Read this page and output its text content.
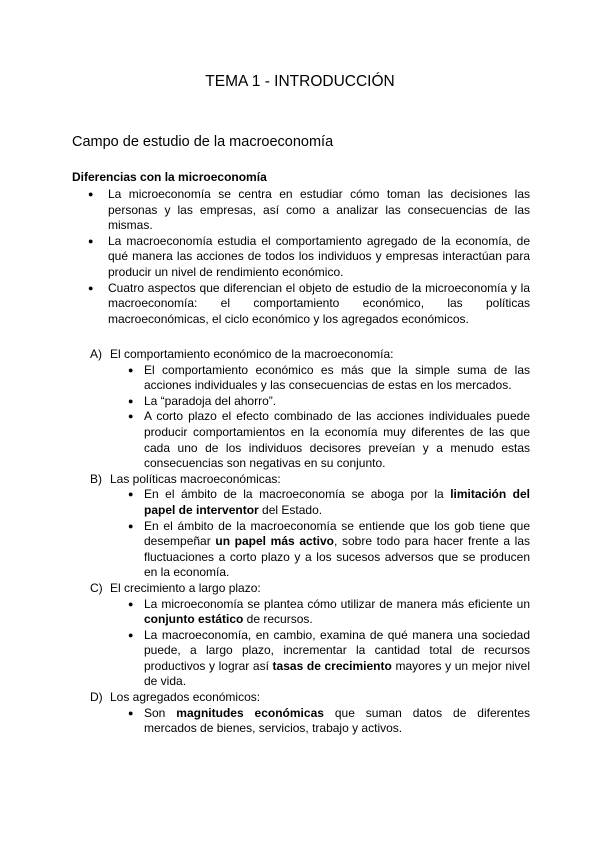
TEMA 1 - INTRODUCCIÓN
Campo de estudio de la macroeconomía
Diferencias con la microeconomía
● La microeconomía se centra en estudiar cómo toman las decisiones las personas y las empresas, así como a analizar las consecuencias de las mismas.
● La macroeconomía estudia el comportamiento agregado de la economía, de qué manera las acciones de todos los individuos y empresas interactúan para producir un nivel de rendimiento económico.
● Cuatro aspectos que diferencian el objeto de estudio de la microeconomía y la macroeconomía: el comportamiento económico, las políticas macroeconómicas, el ciclo económico y los agregados económicos.
A) El comportamiento económico de la macroeconomía:
● El comportamiento económico es más que la simple suma de las acciones individuales y las consecuencias de estas en los mercados.
● La “paradoja del ahorro”.
● A corto plazo el efecto combinado de las acciones individuales puede producir comportamientos en la economía muy diferentes de las que cada uno de los individuos decisores preveían y a menudo estas consecuencias son negativas en su conjunto.
B) Las políticas macroeconómicas:
● En el ámbito de la macroeconomía se aboga por la limitación del papel de interventor del Estado.
● En el ámbito de la macroeconomía se entiende que los gob tiene que desempeñar un papel más activo, sobre todo para hacer frente a las fluctuaciones a corto plazo y a los sucesos adversos que se producen en la economía.
C) El crecimiento a largo plazo:
● La microeconomía se plantea cómo utilizar de manera más eficiente un conjunto estático de recursos.
● La macroeconomía, en cambio, examina de qué manera una sociedad puede, a largo plazo, incrementar la cantidad total de recursos productivos y lograr así tasas de crecimiento mayores y un mejor nivel de vida.
D) Los agregados económicos:
● Son magnitudes económicas que suman datos de diferentes mercados de bienes, servicios, trabajo y activos.
